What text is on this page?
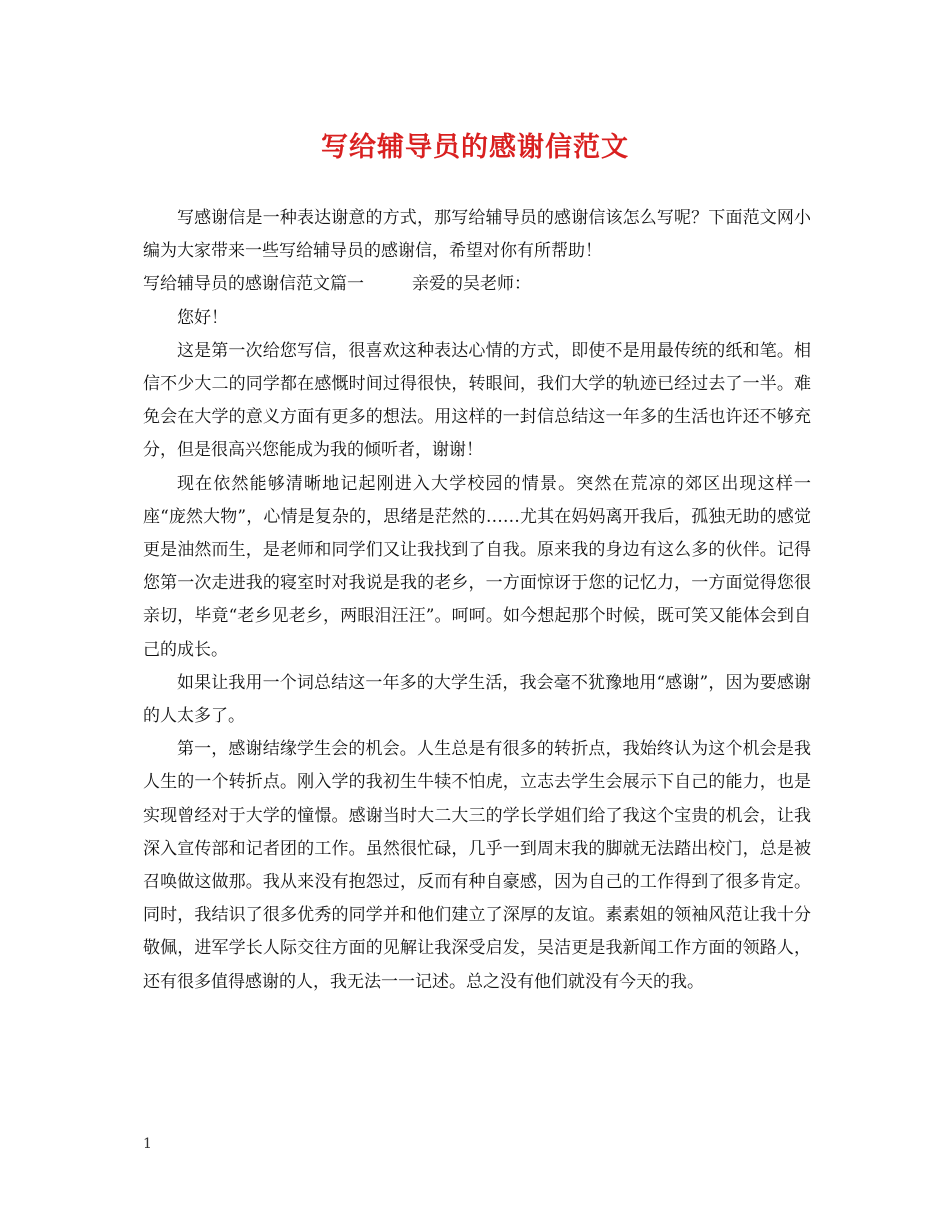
写给辅导员的感谢信范文

写感谢信是一种表达谢意的方式，那写给辅导员的感谢信该怎么写呢？下面范文网小编为大家带来一些写给辅导员的感谢信，希望对你有所帮助！

写给辅导员的感谢信范文篇一	亲爱的吴老师：

您好！

这是第一次给您写信，很喜欢这种表达心情的方式，即使不是用最传统的纸和笔。相信不少大二的同学都在感慨时间过得很快，转眼间，我们大学的轨迹已经过去了一半。难免会在大学的意义方面有更多的想法。用这样的一封信总结这一年多的生活也许还不够充分，但是很高兴您能成为我的倾听者，谢谢！

现在依然能够清晰地记起刚进入大学校园的情景。突然在荒凉的郊区出现这样一座“庞然大物”，心情是复杂的，思绪是茫然的……尤其在妈妈离开我后，孤独无助的感觉更是油然而生，是老师和同学们又让我找到了自我。原来我的身边有这么多的伙伴。记得您第一次走进我的寝室时对我说是我的老乡，一方面惊讶于您的记忆力，一方面觉得您很亲切，毕竟“老乡见老乡，两眼泪汪汪”。呵呵。如今想起那个时候，既可笑又能体会到自己的成长。

如果让我用一个词总结这一年多的大学生活，我会毫不犹豫地用“感谢”，因为要感谢的人太多了。

第一，感谢结缘学生会的机会。人生总是有很多的转折点，我始终认为这个机会是我人生的一个转折点。刚入学的我初生牛犊不怕虎，立志去学生会展示下自己的能力，也是实现曾经对于大学的憧憬。感谢当时大二大三的学长学姐们给了我这个宝贵的机会，让我深入宣传部和记者团的工作。虽然很忙碌，几乎一到周末我的脚就无法踏出校门，总是被召唤做这做那。我从来没有抱怨过，反而有种自豪感，因为自己的工作得到了很多肯定。同时，我结识了很多优秀的同学并和他们建立了深厚的友谊。素素姐的领袖风范让我十分敬佩，进军学长人际交往方面的见解让我深受启发，吴洁更是我新闻工作方面的领路人，还有很多值得感谢的人，我无法一一记述。总之没有他们就没有今天的我。

1
